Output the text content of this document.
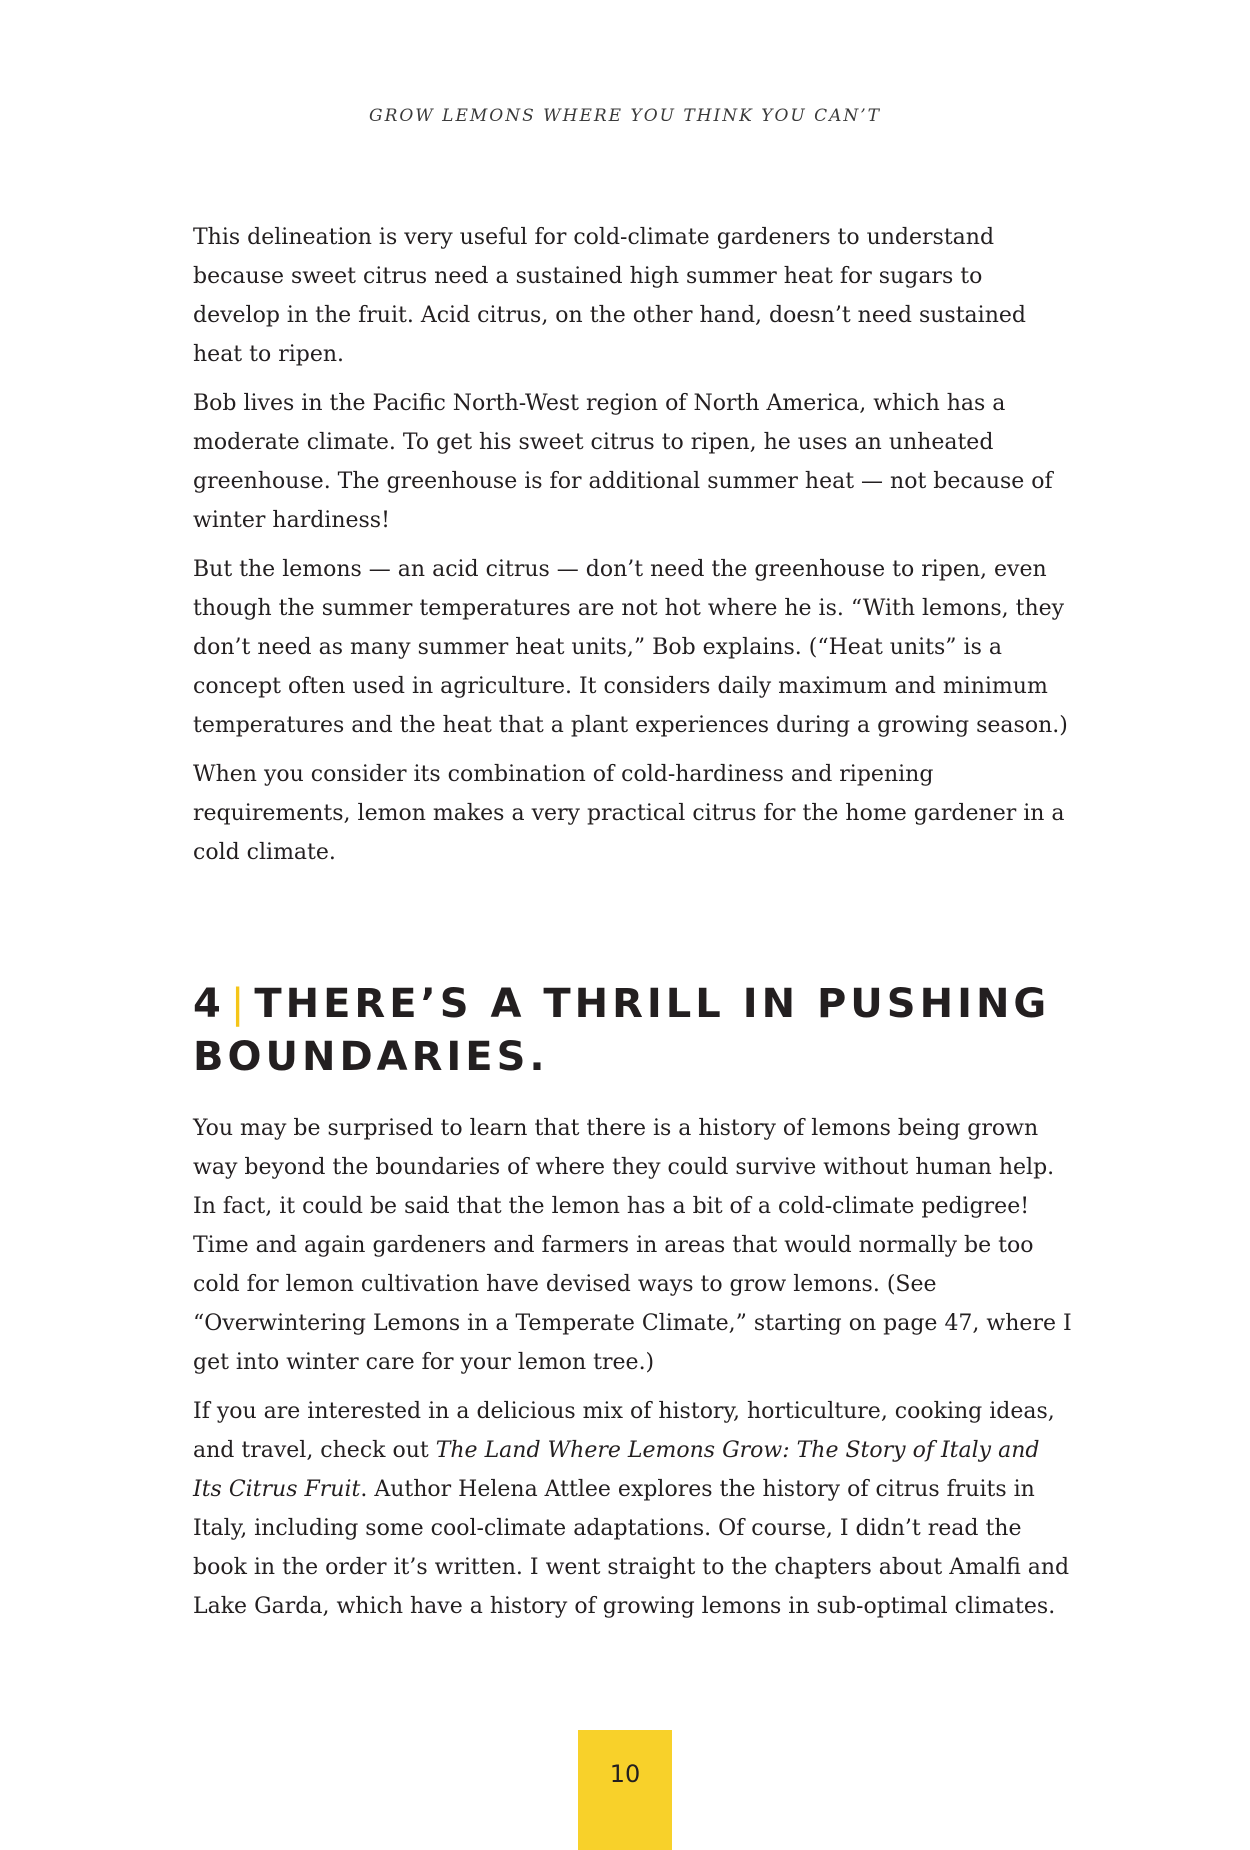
GROW LEMONS WHERE YOU THINK YOU CAN’T

This delineation is very useful for cold-climate gardeners to understand because sweet citrus need a sustained high summer heat for sugars to develop in the fruit. Acid citrus, on the other hand, doesn’t need sustained heat to ripen.

Bob lives in the Pacific North-West region of North America, which has a moderate climate. To get his sweet citrus to ripen, he uses an unheated greenhouse. The greenhouse is for additional summer heat — not because of winter hardiness!

But the lemons — an acid citrus — don’t need the greenhouse to ripen, even though the summer temperatures are not hot where he is. “With lemons, they don’t need as many summer heat units,” Bob explains. (“Heat units” is a concept often used in agriculture. It considers daily maximum and minimum temperatures and the heat that a plant experiences during a growing season.)

When you consider its combination of cold-hardiness and ripening requirements, lemon makes a very practical citrus for the home gardener in a cold climate.

4 | THERE’S A THRILL IN PUSHING BOUNDARIES.

You may be surprised to learn that there is a history of lemons being grown way beyond the boundaries of where they could survive without human help. In fact, it could be said that the lemon has a bit of a cold-climate pedigree! Time and again gardeners and farmers in areas that would normally be too cold for lemon cultivation have devised ways to grow lemons. (See “Overwintering Lemons in a Temperate Climate,” starting on page 47, where I get into winter care for your lemon tree.)

If you are interested in a delicious mix of history, horticulture, cooking ideas, and travel, check out The Land Where Lemons Grow: The Story of Italy and Its Citrus Fruit. Author Helena Attlee explores the history of citrus fruits in Italy, including some cool-climate adaptations. Of course, I didn’t read the book in the order it’s written. I went straight to the chapters about Amalfi and Lake Garda, which have a history of growing lemons in sub-optimal climates.

10
